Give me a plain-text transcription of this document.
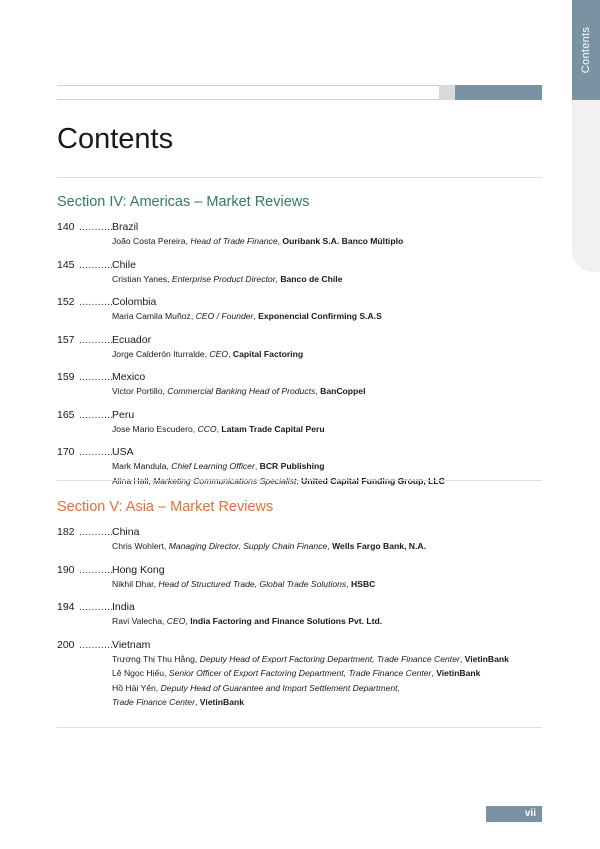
Contents
Contents
Section IV: Americas – Market Reviews
140 ...........
Brazil
João Costa Pereira, Head of Trade Finance, Ouribank S.A. Banco Múltiplo
145 ...........
Chile
Cristian Yanes, Enterprise Product Director, Banco de Chile
152 ...........
Colombia
Maria Camila Muñoz, CEO / Founder, Exponencial Confirming S.A.S
157 ...........
Ecuador
Jorge Calderón Iturralde, CEO, Capital Factoring
159 ...........
Mexico
Victor Portillo, Commercial Banking Head of Products, BanCoppel
165 ...........
Peru
Jose Mario Escudero, CCO, Latam Trade Capital Peru
170 ...........
USA
Mark Mandula, Chief Learning Officer, BCR Publishing
Section V: Asia – Market Reviews
182 ...........
China
Chris Wohlert, Managing Director, Supply Chain Finance, Wells Fargo Bank, N.A.
190 ...........
Hong Kong
Nikhil Dhar, Head of Structured Trade, Global Trade Solutions, HSBC
194 ...........
India
Ravi Valecha, CEO, India Factoring and Finance Solutions Pvt. Ltd.
200 ...........
Vietnam
Trương Thị Thu Hằng, Deputy Head of Export Factoring Department, Trade Finance Center, VietinBank
Lê Ngọc Hiếu, Senior Officer of Export Factoring Department, Trade Finance Center, VietinBank
Hồ Hải Yến, Deputy Head of Guarantee and Import Settlement Department,
Trade Finance Center, VietinBank
vii
